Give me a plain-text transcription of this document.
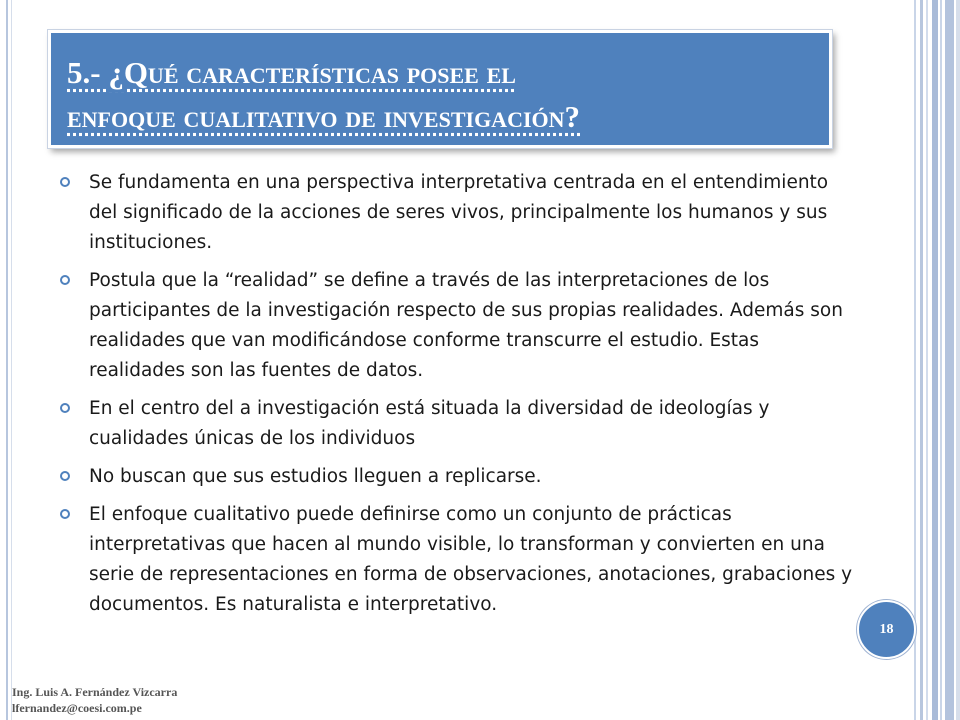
5.- ¿Qué características posee el
enfoque cualitativo de investigación?
Se fundamenta en una perspectiva interpretativa centrada en el entendimiento del significado de la acciones de seres vivos, principalmente los humanos y sus instituciones.
Postula que la “realidad” se define a través de las interpretaciones de los participantes de la investigación respecto de sus propias realidades. Además son realidades que van modificándose conforme transcurre el estudio. Estas realidades son las fuentes de datos.
En el centro del a investigación está situada la diversidad de ideologías y cualidades únicas de los individuos
No buscan que sus estudios lleguen a replicarse.
El enfoque cualitativo puede definirse como un conjunto de prácticas interpretativas que hacen al mundo visible, lo transforman y convierten en una serie de representaciones en forma de observaciones, anotaciones, grabaciones y documentos. Es naturalista e interpretativo.
18
Ing. Luis A. Fernández Vizcarra
lfernandez@coesi.com.pe
